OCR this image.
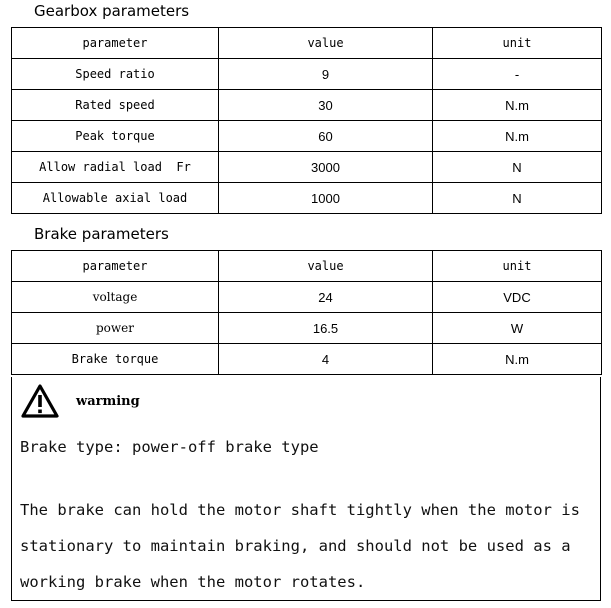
Gearbox parameters
parameter	value	unit
Speed ratio	9	-
Rated speed	30	N.m
Peak torque	60	N.m
Allow radial load  Fr	3000	N
Allowable axial load	1000	N
Brake parameters
parameter	value	unit
voltage	24	VDC
power	16.5	W
Brake torque	4	N.m
warming

Brake type: power-off brake type

The brake can hold the motor shaft tightly when the motor is stationary to maintain braking, and should not be used as a working brake when the motor rotates.
